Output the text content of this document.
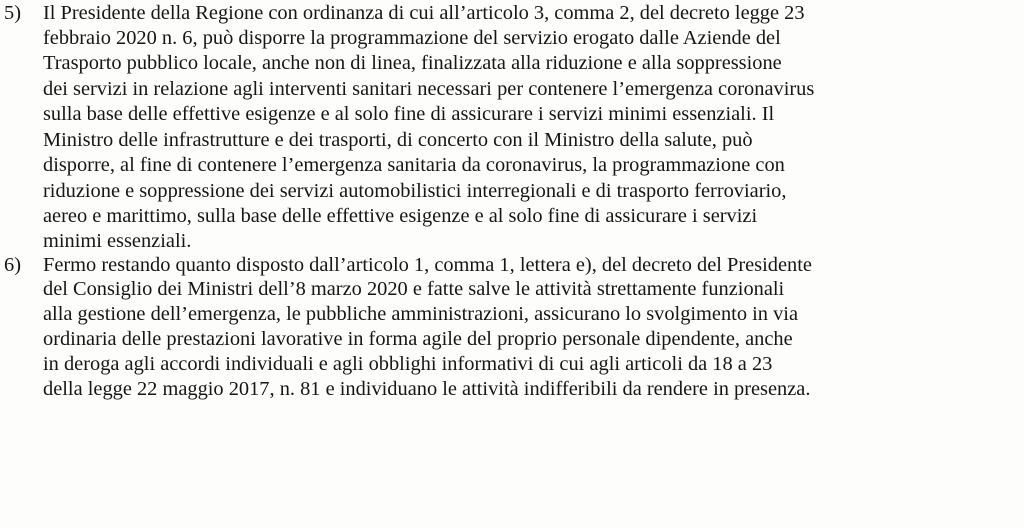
5) Il Presidente della Regione con ordinanza di cui all’articolo 3, comma 2, del decreto legge 23
febbraio 2020 n. 6, può disporre la programmazione del servizio erogato dalle Aziende del
Trasporto pubblico locale, anche non di linea, finalizzata alla riduzione e alla soppressione
dei servizi in relazione agli interventi sanitari necessari per contenere l’emergenza coronavirus
sulla base delle effettive esigenze e al solo fine di assicurare i servizi minimi essenziali. Il
Ministro delle infrastrutture e dei trasporti, di concerto con il Ministro della salute, può
disporre, al fine di contenere l’emergenza sanitaria da coronavirus, la programmazione con
riduzione e soppressione dei servizi automobilistici interregionali e di trasporto ferroviario,
aereo e marittimo, sulla base delle effettive esigenze e al solo fine di assicurare i servizi
minimi essenziali.
6) Fermo restando quanto disposto dall’articolo 1, comma 1, lettera e), del decreto del Presidente
del Consiglio dei Ministri dell’8 marzo 2020 e fatte salve le attività strettamente funzionali
alla gestione dell’emergenza, le pubbliche amministrazioni, assicurano lo svolgimento in via
ordinaria delle prestazioni lavorative in forma agile del proprio personale dipendente, anche
in deroga agli accordi individuali e agli obblighi informativi di cui agli articoli da 18 a 23
della legge 22 maggio 2017, n. 81 e individuano le attività indifferibili da rendere in presenza.
